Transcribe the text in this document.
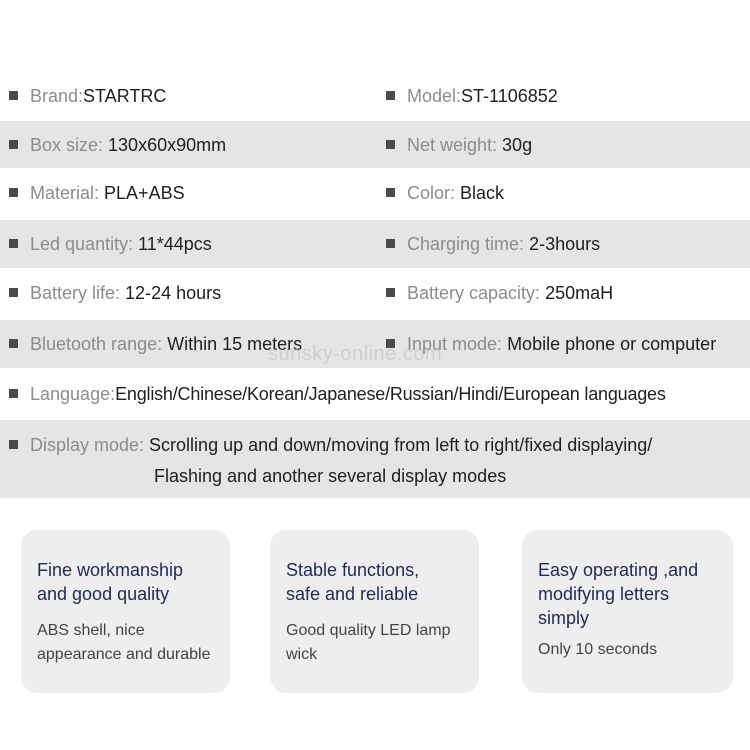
Brand:STARTRC	Model:ST-1106852
Box size: 130x60x90mm	Net weight: 30g
Material: PLA+ABS	Color: Black
Led quantity: 11*44pcs	Charging time: 2-3hours
Battery life: 12-24 hours	Battery capacity: 250maH
Bluetooth range: Within 15 meters	Input mode: Mobile phone or computer
Language:English/Chinese/Korean/Japanese/Russian/Hindi/European languages
Display mode: Scrolling up and down/moving from left to right/fixed displaying/
Flashing and another several display modes
sunsky-online.com
Fine workmanship
and good quality
ABS shell, nice
appearance and durable
Stable functions,
safe and reliable
Good quality LED lamp
wick
Easy operating ,and
modifying letters
simply
Only 10 seconds
